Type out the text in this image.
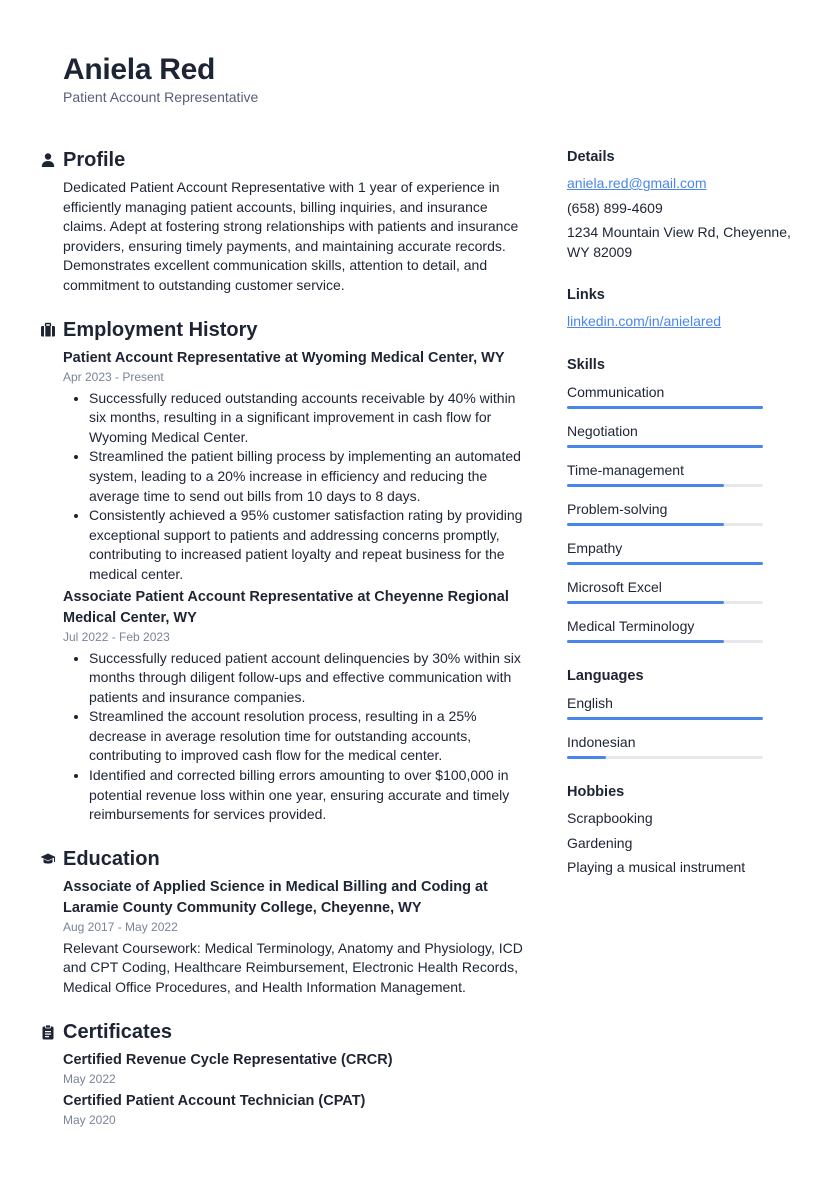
Aniela Red
Patient Account Representative
Profile
Dedicated Patient Account Representative with 1 year of experience in efficiently managing patient accounts, billing inquiries, and insurance claims. Adept at fostering strong relationships with patients and insurance providers, ensuring timely payments, and maintaining accurate records. Demonstrates excellent communication skills, attention to detail, and commitment to outstanding customer service.
Employment History
Patient Account Representative at Wyoming Medical Center, WY
Apr 2023 - Present
• Successfully reduced outstanding accounts receivable by 40% within six months, resulting in a significant improvement in cash flow for Wyoming Medical Center.
• Streamlined the patient billing process by implementing an automated system, leading to a 20% increase in efficiency and reducing the average time to send out bills from 10 days to 8 days.
• Consistently achieved a 95% customer satisfaction rating by providing exceptional support to patients and addressing concerns promptly, contributing to increased patient loyalty and repeat business for the medical center.
Associate Patient Account Representative at Cheyenne Regional Medical Center, WY
Jul 2022 - Feb 2023
• Successfully reduced patient account delinquencies by 30% within six months through diligent follow-ups and effective communication with patients and insurance companies.
• Streamlined the account resolution process, resulting in a 25% decrease in average resolution time for outstanding accounts, contributing to improved cash flow for the medical center.
• Identified and corrected billing errors amounting to over $100,000 in potential revenue loss within one year, ensuring accurate and timely reimbursements for services provided.
Education
Associate of Applied Science in Medical Billing and Coding at Laramie County Community College, Cheyenne, WY
Aug 2017 - May 2022
Relevant Coursework: Medical Terminology, Anatomy and Physiology, ICD and CPT Coding, Healthcare Reimbursement, Electronic Health Records, Medical Office Procedures, and Health Information Management.
Certificates
Certified Revenue Cycle Representative (CRCR)
May 2022
Certified Patient Account Technician (CPAT)
May 2020
Details
aniela.red@gmail.com
(658) 899-4609
1234 Mountain View Rd, Cheyenne, WY 82009
Links
linkedin.com/in/anielared
Skills
Communication
Negotiation
Time-management
Problem-solving
Empathy
Microsoft Excel
Medical Terminology
Languages
English
Indonesian
Hobbies
Scrapbooking
Gardening
Playing a musical instrument
